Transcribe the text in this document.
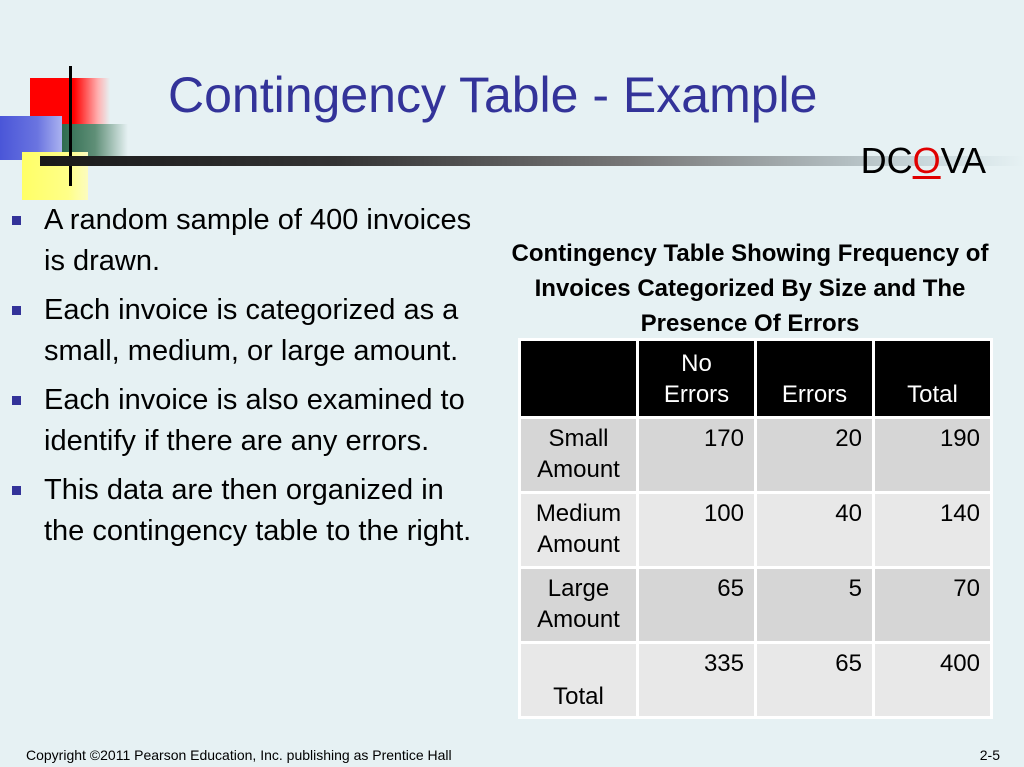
Contingency Table - Example
DCOVA
A random sample of 400 invoices is drawn.
Each invoice is categorized as a small, medium, or large amount.
Each invoice is also examined to identify if there are any errors.
This data are then organized in the contingency table to the right.
Contingency Table Showing Frequency of Invoices Categorized By Size and The Presence Of Errors
	No Errors	Errors	Total
Small Amount	170	20	190
Medium Amount	100	40	140
Large Amount	65	5	70
Total	335	65	400
Copyright ©2011 Pearson Education, Inc. publishing as Prentice Hall	2-5
